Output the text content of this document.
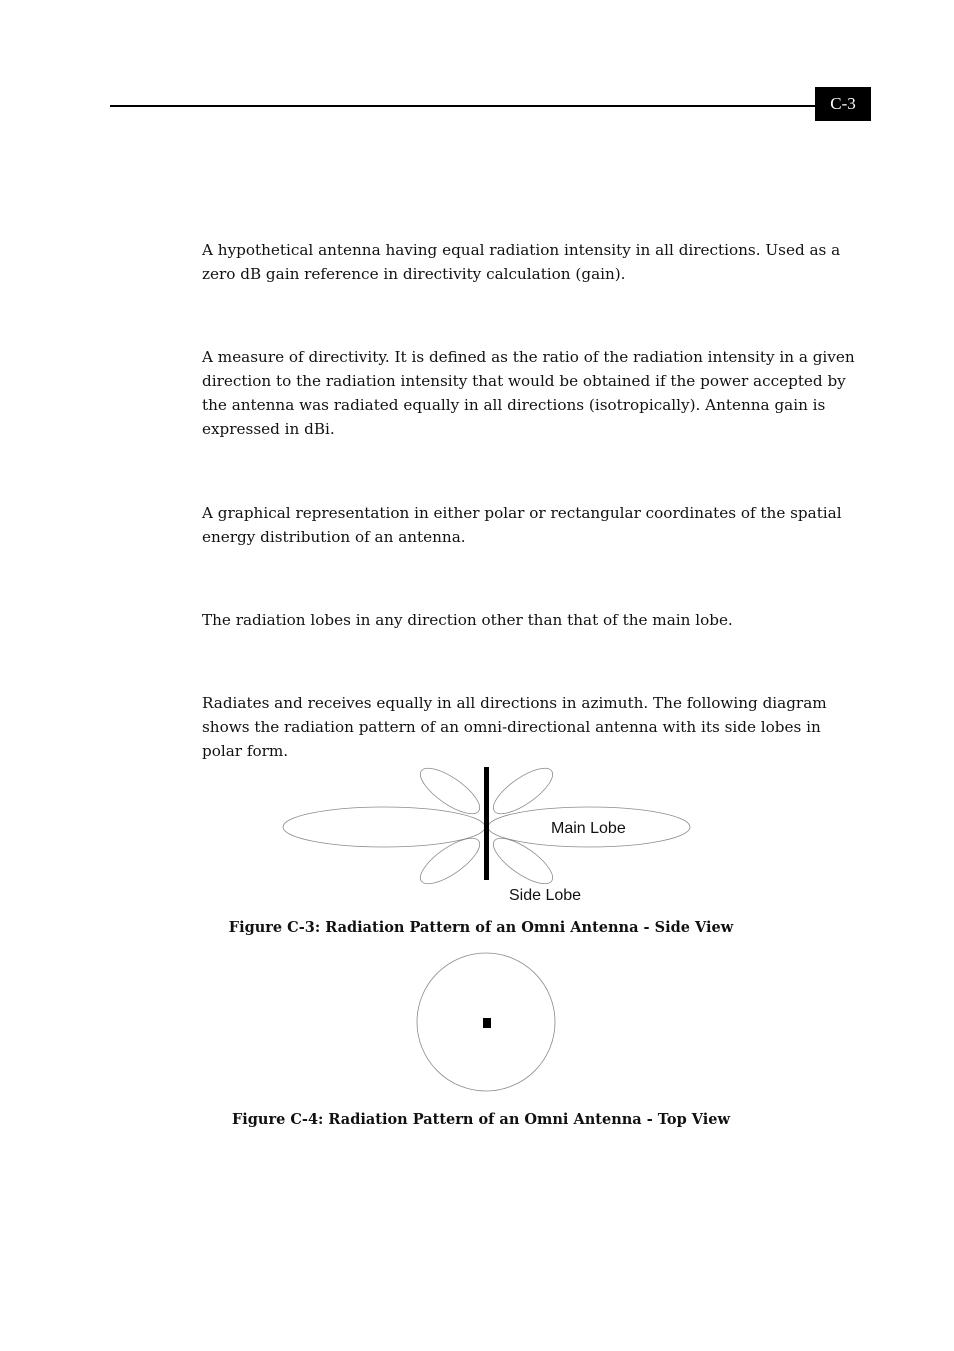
C-3

A hypothetical antenna having equal radiation intensity in all directions. Used as a zero dB gain reference in directivity calculation (gain).

A measure of directivity. It is defined as the ratio of the radiation intensity in a given direction to the radiation intensity that would be obtained if the power accepted by the antenna was radiated equally in all directions (isotropically). Antenna gain is expressed in dBi.

A graphical representation in either polar or rectangular coordinates of the spatial energy distribution of an antenna.

The radiation lobes in any direction other than that of the main lobe.

Radiates and receives equally in all directions in azimuth. The following diagram shows the radiation pattern of an omni-directional antenna with its side lobes in polar form.

Main Lobe
Side Lobe

Figure C-3: Radiation Pattern of an Omni Antenna - Side View

Figure C-4: Radiation Pattern of an Omni Antenna - Top View
